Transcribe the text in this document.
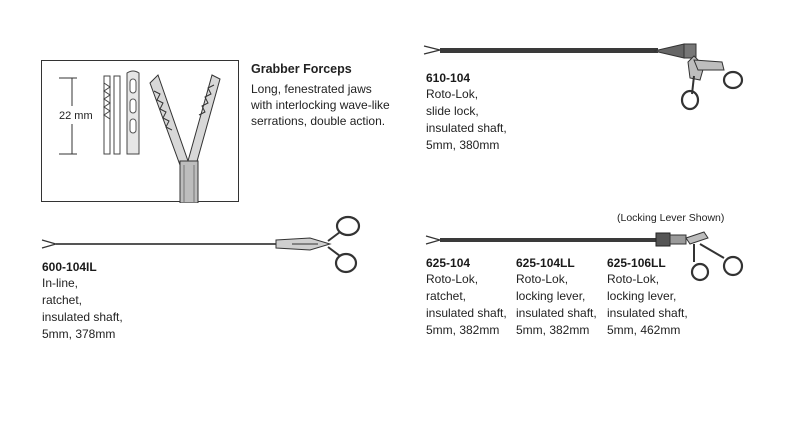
22 mm
Grabber Forceps
Long, fenestrated jaws
with interlocking wave-like
serrations, double action.
610-104
Roto-Lok,
slide lock,
insulated shaft,
5mm, 380mm
(Locking Lever Shown)
600-104IL
In-line,
ratchet,
insulated shaft,
5mm, 378mm
625-104
Roto-Lok,
ratchet,
insulated shaft,
5mm, 382mm
625-104LL
Roto-Lok,
locking lever,
insulated shaft,
5mm, 382mm
625-106LL
Roto-Lok,
locking lever,
insulated shaft,
5mm, 462mm
